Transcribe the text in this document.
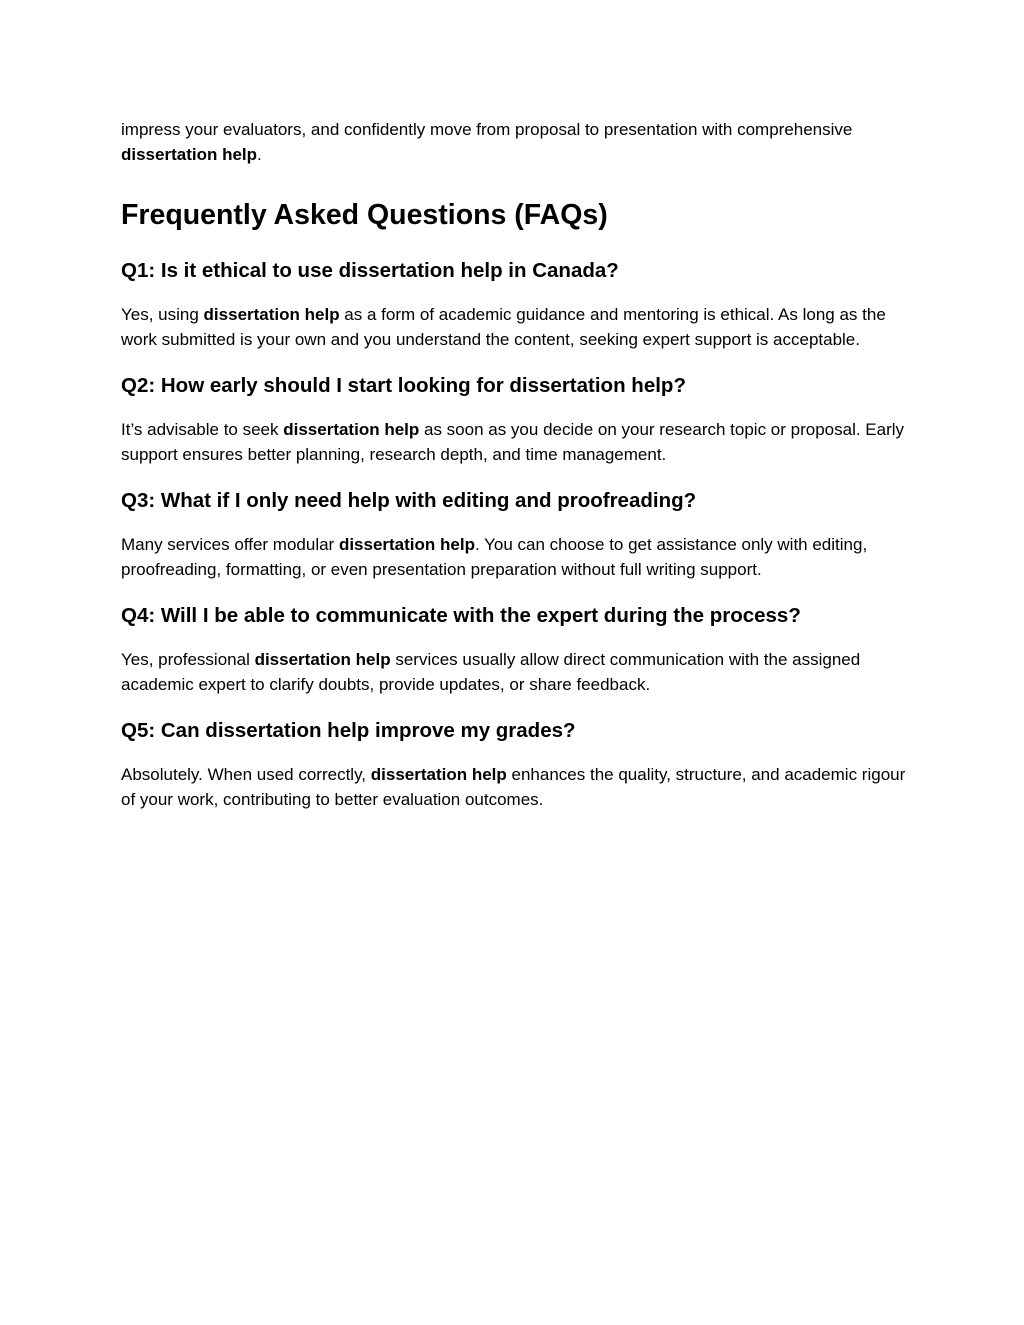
impress your evaluators, and confidently move from proposal to presentation with comprehensive dissertation help.

Frequently Asked Questions (FAQs)
Q1: Is it ethical to use dissertation help in Canada?

Yes, using dissertation help as a form of academic guidance and mentoring is ethical. As long as the work submitted is your own and you understand the content, seeking expert support is acceptable.

Q2: How early should I start looking for dissertation help?

It’s advisable to seek dissertation help as soon as you decide on your research topic or proposal. Early support ensures better planning, research depth, and time management.

Q3: What if I only need help with editing and proofreading?

Many services offer modular dissertation help. You can choose to get assistance only with editing, proofreading, formatting, or even presentation preparation without full writing support.

Q4: Will I be able to communicate with the expert during the process?

Yes, professional dissertation help services usually allow direct communication with the assigned academic expert to clarify doubts, provide updates, or share feedback.

Q5: Can dissertation help improve my grades?

Absolutely. When used correctly, dissertation help enhances the quality, structure, and academic rigour of your work, contributing to better evaluation outcomes.
